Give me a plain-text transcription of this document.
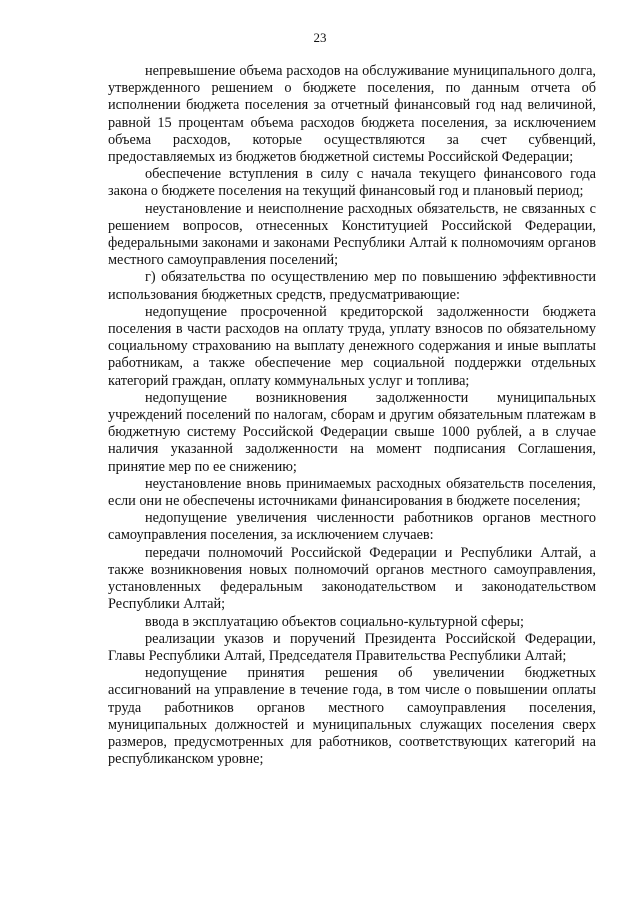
23

непревышение объема расходов на обслуживание муниципального долга, утвержденного решением о бюджете поселения, по данным отчета об исполнении бюджета поселения за отчетный финансовый год над величиной, равной 15 процентам объема расходов бюджета поселения, за исключением объема расходов, которые осуществляются за счет субвенций, предоставляемых из бюджетов бюджетной системы Российской Федерации;

обеспечение вступления в силу с начала текущего финансового года закона о бюджете поселения на текущий финансовый год и плановый период;

неустановление и неисполнение расходных обязательств, не связанных с решением вопросов, отнесенных Конституцией Российской Федерации, федеральными законами и законами Республики Алтай к полномочиям органов местного самоуправления поселений;

г) обязательства по осуществлению мер по повышению эффективности использования бюджетных средств, предусматривающие:

недопущение просроченной кредиторской задолженности бюджета поселения в части расходов на оплату труда, уплату взносов по обязательному социальному страхованию на выплату денежного содержания и иные выплаты работникам, а также обеспечение мер социальной поддержки отдельных категорий граждан, оплату коммунальных услуг и топлива;

недопущение возникновения задолженности муниципальных учреждений поселений по налогам, сборам и другим обязательным платежам в бюджетную систему Российской Федерации свыше 1000 рублей, а в случае наличия указанной задолженности на момент подписания Соглашения, принятие мер по ее снижению;

неустановление вновь принимаемых расходных обязательств поселения, если они не обеспечены источниками финансирования в бюджете поселения;

недопущение увеличения численности работников органов местного самоуправления поселения, за исключением случаев:

передачи полномочий Российской Федерации и Республики Алтай, а также возникновения новых полномочий органов местного самоуправления, установленных федеральным законодательством и законодательством Республики Алтай;

ввода в эксплуатацию объектов социально-культурной сферы;

реализации указов и поручений Президента Российской Федерации, Главы Республики Алтай, Председателя Правительства Республики Алтай;

недопущение принятия решения об увеличении бюджетных ассигнований на управление в течение года, в том числе о повышении оплаты труда работников органов местного самоуправления поселения, муниципальных должностей и муниципальных служащих поселения сверх размеров, предусмотренных для работников, соответствующих категорий на республиканском уровне;
